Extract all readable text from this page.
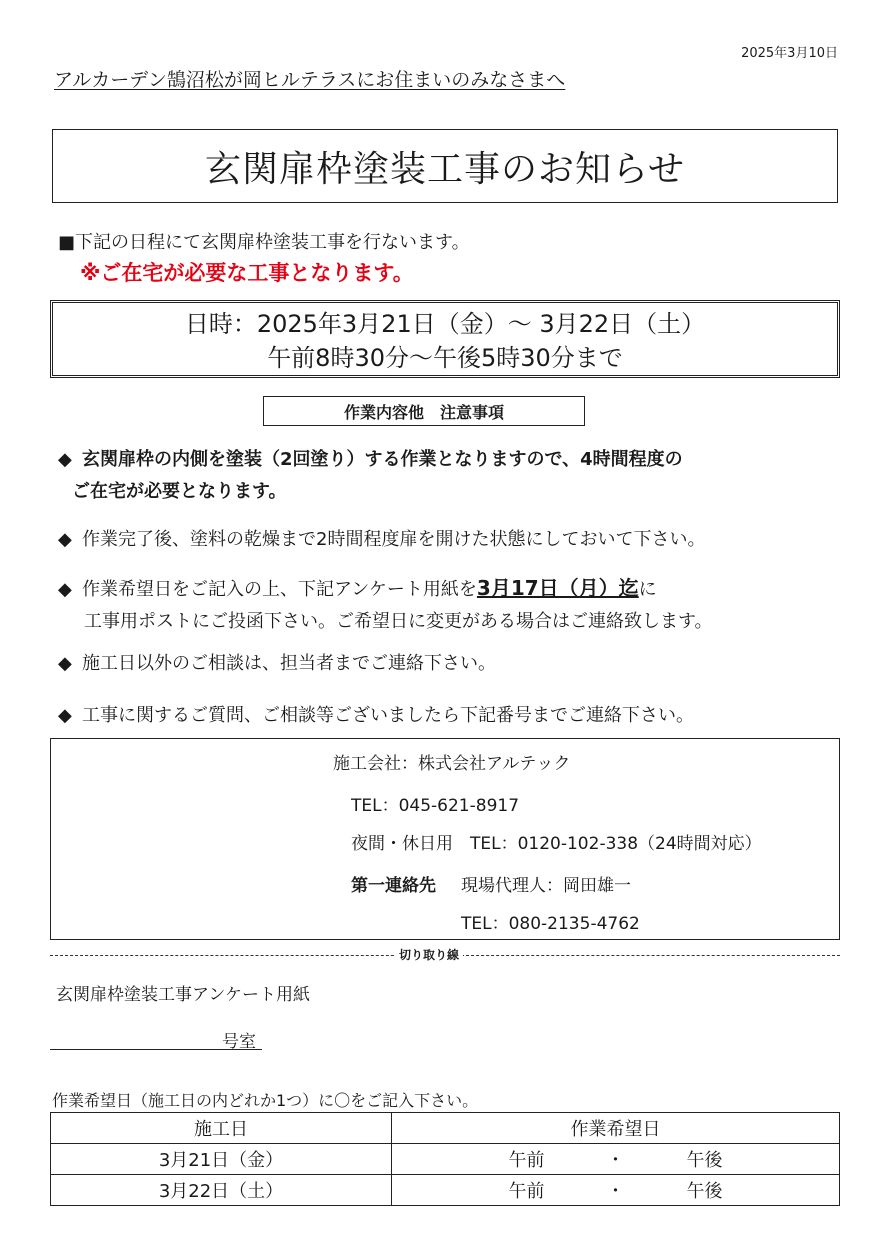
2025年3月10日
アルカーデン鵠沼松が岡ヒルテラスにお住まいのみなさまへ
玄関扉枠塗装工事のお知らせ
■下記の日程にて玄関扉枠塗装工事を行ないます。
※ご在宅が必要な工事となります。
日時：2025年3月21日（金）～ 3月22日（土）
午前8時30分～午後5時30分まで
作業内容他　注意事項
◆ 玄関扉枠の内側を塗装（2回塗り）する作業となりますので、4時間程度の
ご在宅が必要となります。
◆ 作業完了後、塗料の乾燥まで2時間程度扉を開けた状態にしておいて下さい。
◆ 作業希望日をご記入の上、下記アンケート用紙を3月17日（月）迄に
工事用ポストにご投函下さい。ご希望日に変更がある場合はご連絡致します。
◆ 施工日以外のご相談は、担当者までご連絡下さい。
◆ 工事に関するご質問、ご相談等ございましたら下記番号までご連絡下さい。
施工会社：株式会社アルテック
TEL：045-621-8917
夜間・休日用　TEL：0120-102-338（24時間対応）
第一連絡先 現場代理人：岡田雄一
TEL：080-2135-4762
切り取り線
玄関扉枠塗装工事アンケート用紙
号室
作業希望日（施工日の内どれか1つ）に〇をご記入下さい。
施工日	作業希望日
3月21日（金）	午前 ・ 午後
3月22日（土）	午前 ・ 午後
